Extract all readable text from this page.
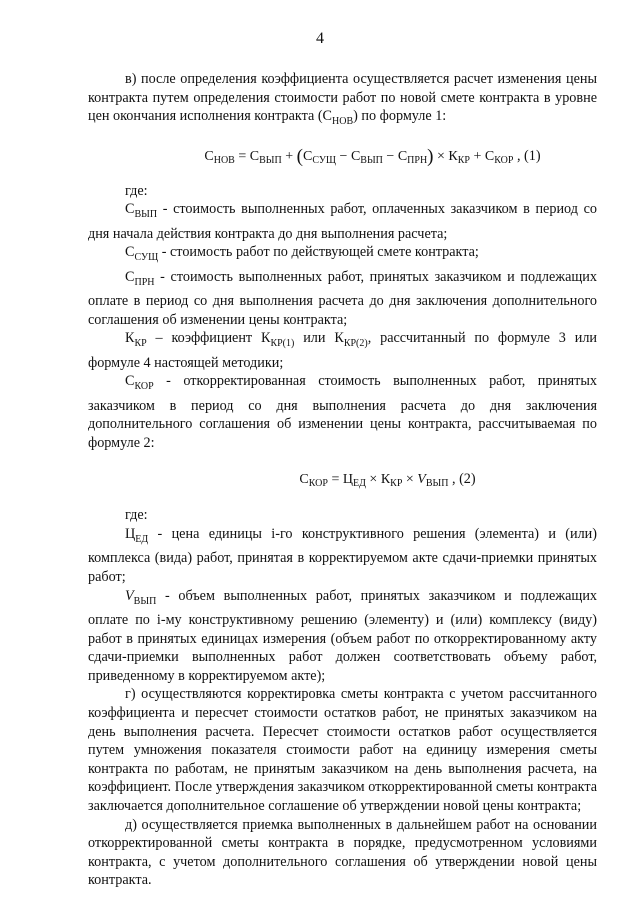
4

в) после определения коэффициента осуществляется расчет изменения цены контракта путем определения стоимости работ по новой смете контракта в уровне цен окончания исполнения контракта $(С_{НОВ})$ по формуле 1:

$С_{НОВ} = С_{ВЫП} + (С_{СУЩ} - С_{ВЫП} - С_{ПРН}) \times К_{КР} + С_{КОР}$ , (1)

где:

$С_{ВЫП}$ - стоимость выполненных работ, оплаченных заказчиком в период со дня начала действия контракта до дня выполнения расчета;

$С_{СУЩ}$ - стоимость работ по действующей смете контракта;

$С_{ПРН}$ - стоимость выполненных работ, принятых заказчиком и подлежащих оплате в период со дня выполнения расчета до дня заключения дополнительного соглашения об изменении цены контракта;

$К_{КР}$ – коэффициент $К_{КР(1)}$ или $К_{КР(2)}$, рассчитанный по формуле 3 или формуле 4 настоящей методики;

$С_{КОР}$ - откорректированная стоимость выполненных работ, принятых заказчиком в период со дня выполнения расчета до дня заключения дополнительного соглашения об изменении цены контракта, рассчитываемая по формуле 2:

$С_{КОР} = Ц_{ЕД} \times К_{КР} \times V_{ВЫП}$ , (2)

где:

$Ц_{ЕД}$ - цена единицы i-го конструктивного решения (элемента) и (или) комплекса (вида) работ, принятая в корректируемом акте сдачи-приемки принятых работ;

$V_{ВЫП}$ - объем выполненных работ, принятых заказчиком и подлежащих оплате по i-му конструктивному решению (элементу) и (или) комплексу (виду) работ в принятых единицах измерения (объем работ по откорректированному акту сдачи-приемки выполненных работ должен соответствовать объему работ, приведенному в корректируемом акте);

г) осуществляются корректировка сметы контракта с учетом рассчитанного коэффициента и пересчет стоимости остатков работ, не принятых заказчиком на день выполнения расчета. Пересчет стоимости остатков работ осуществляется путем умножения показателя стоимости работ на единицу измерения сметы контракта по работам, не принятым заказчиком на день выполнения расчета, на коэффициент. После утверждения заказчиком откорректированной сметы контракта заключается дополнительное соглашение об утверждении новой цены контракта;

д) осуществляется приемка выполненных в дальнейшем работ на основании откорректированной сметы контракта в порядке, предусмотренном условиями контракта, с учетом дополнительного соглашения об утверждении новой цены контракта.
